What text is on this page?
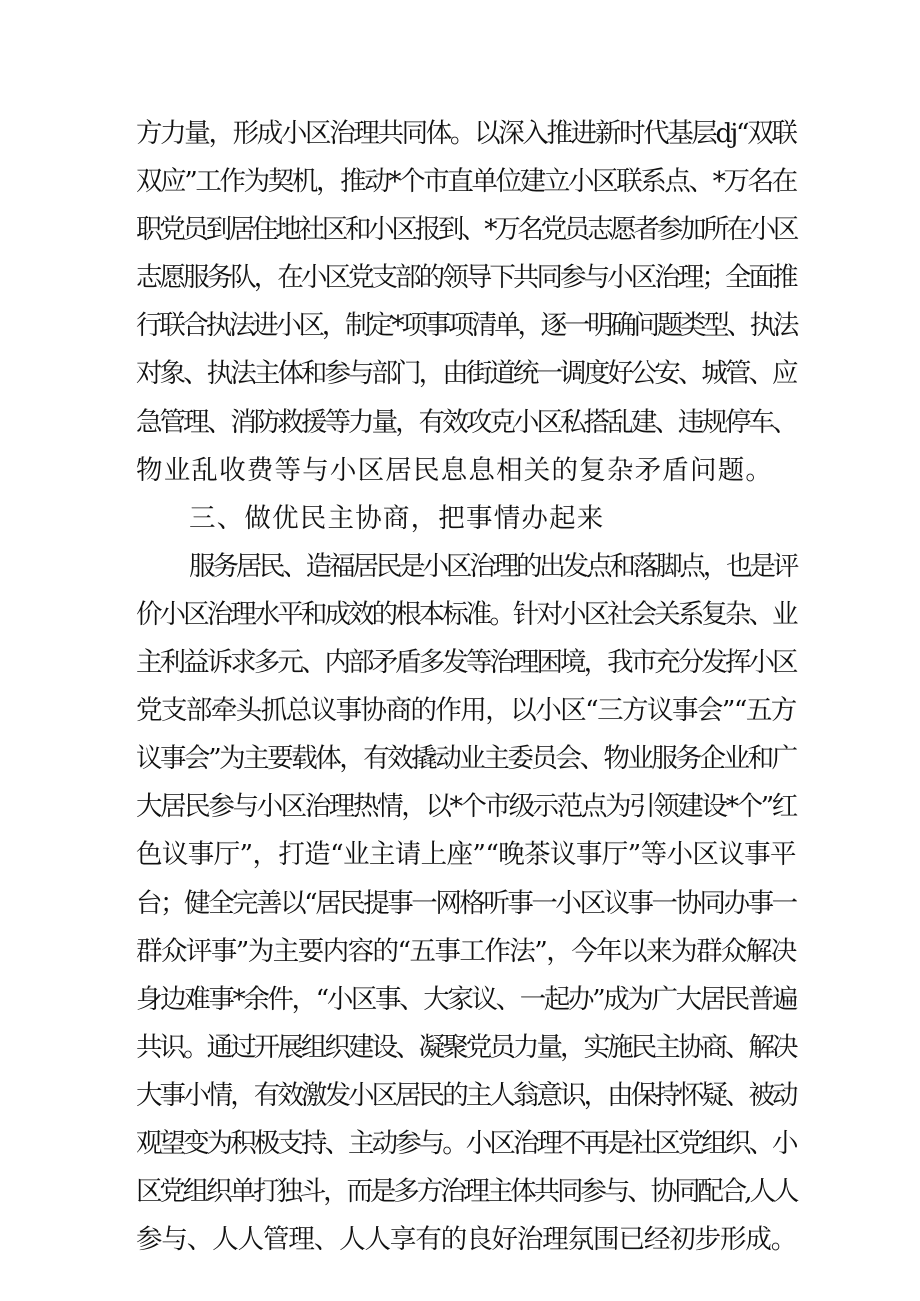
方力量，形成小区治理共同体。以深入推进新时代基层dj“双联
双应”工作为契机，推动*个市直单位建立小区联系点、*万名在
职党员到居住地社区和小区报到、*万名党员志愿者参加所在小区
志愿服务队，在小区党支部的领导下共同参与小区治理；全面推
行联合执法进小区，制定*项事项清单，逐一明确问题类型、执法
对象、执法主体和参与部门，由街道统一调度好公安、城管、应
急管理、消防救援等力量，有效攻克小区私搭乱建、违规停车、
物业乱收费等与小区居民息息相关的复杂矛盾问题。
三、做优民主协商，把事情办起来
服务居民、造福居民是小区治理的出发点和落脚点，也是评
价小区治理水平和成效的根本标准。针对小区社会关系复杂、业
主利益诉求多元、内部矛盾多发等治理困境，我市充分发挥小区
党支部牵头抓总议事协商的作用，以小区“三方议事会”“五方
议事会”为主要载体，有效撬动业主委员会、物业服务企业和广
大居民参与小区治理热情，以*个市级示范点为引领建设*个”红
色议事厅”，打造“业主请上座”“晚茶议事厅”等小区议事平
台；健全完善以“居民提事一网格听事一小区议事一协同办事一
群众评事”为主要内容的“五事工作法”，今年以来为群众解决
身边难事*余件，“小区事、大家议、一起办”成为广大居民普遍
共识。通过开展组织建设、凝聚党员力量，实施民主协商、解决
大事小情，有效激发小区居民的主人翁意识，由保持怀疑、被动
观望变为积极支持、主动参与。小区治理不再是社区党组织、小
区党组织单打独斗，而是多方治理主体共同参与、协同配合,人人
参与、人人管理、人人享有的良好治理氛围已经初步形成。
